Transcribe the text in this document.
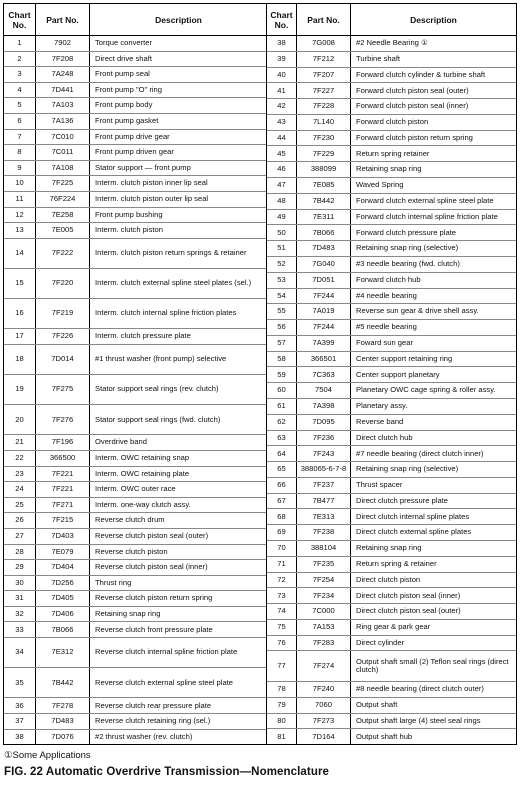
Chart No.	Part No.	Description
1	7902	Torque converter
2	7F208	Direct drive shaft
3	7A248	Front pump seal
4	7D441	Front pump "O" ring
5	7A103	Front pump body
6	7A136	Front pump gasket
7	7C010	Front pump drive gear
8	7C011	Front pump driven gear
9	7A108	Stator support — front pump
10	7F225	Interm. clutch piston inner lip seal
11	76F224	Interm. clutch piston outer lip seal
12	7E258	Front pump bushing
13	7E005	Interm. clutch piston
14	7F222	Interm. clutch piston return springs & retainer
15	7F220	Interm. clutch external spline steel plates (sel.)
16	7F219	Interm. clutch internal spline friction plates
17	7F226	Interm. clutch pressure plate
18	7D014	#1 thrust washer (front pump) selective
19	7F275	Stator support seal rings (rev. clutch)
20	7F276	Stator support seal rings (fwd. clutch)
21	7F196	Overdrive band
22	366500	Interm. OWC retaining snap
23	7F221	Interm. OWC retaining plate
24	7F221	Interm. OWC outer race
25	7F271	Interm. one-way clutch assy.
26	7F215	Reverse clutch drum
27	7D403	Reverse clutch piston seal (outer)
28	7E079	Reverse clutch piston
29	7D404	Reverse clutch piston seal (inner)
30	7D256	Thrust ring
31	7D405	Reverse clutch piston return spring
32	7D406	Retaining snap ring
33	7B066	Reverse clutch front pressure plate
34	7E312	Reverse clutch internal spline friction plate
35	7B442	Reverse clutch external spline steel plate
36	7F278	Reverse clutch rear pressure plate
37	7D483	Reverse clutch retaining ring (sel.)
38	7D076	#2 thrust washer (rev. clutch)
Chart No.	Part No.	Description
38	7G008	#2 Needle Bearing ①
39	7F212	Turbine shaft
40	7F207	Forward clutch cylinder & turbine shaft
41	7F227	Forward clutch piston seal (outer)
42	7F228	Forward clutch piston seal (inner)
43	7L140	Forward clutch piston
44	7F230	Forward clutch piston return spring
45	7F229	Return spring retainer
46	388099	Retaining snap ring
47	7E085	Waved Spring
48	7B442	Forward clutch external spline steel plate
49	7E311	Forward clutch internal spline friction plate
50	7B066	Forward clutch pressure plate
51	7D483	Retaining snap ring (selective)
52	7G040	#3 needle bearing (fwd. clutch)
53	7D051	Forward clutch hub
54	7F244	#4 needle bearing
55	7A019	Reverse sun gear & drive shell assy.
56	7F244	#5 needle bearing
57	7A399	Foward sun gear
58	366501	Center support retaining ring
59	7C363	Center support planetary
60	7504	Planetary OWC cage spring & roller assy.
61	7A398	Planetary assy.
62	7D095	Reverse band
63	7F236	Direct clutch hub
64	7F243	#7 needle bearing (direct clutch inner)
65	388065-6-7-8	Retaining snap ring (selective)
66	7F237	Thrust spacer
67	7B477	Direct clutch pressure plate
68	7E313	Direct clutch internal spline plates
69	7F238	Direct clutch external spline plates
70	388104	Retaining snap ring
71	7F235	Return spring & retainer
72	7F254	Direct clutch piston
73	7F234	Direct clutch piston seal (inner)
74	7C000	Direct clutch piston seal (outer)
75	7A153	Ring gear & park gear
76	7F283	Direct cylinder
77	7F274	Output shaft small (2) Teflon seal rings (direct clutch)
78	7F240	#8 needle bearing (direct clutch outer)
79	7060	Output shaft
80	7F273	Output shaft large (4) steel seal rings
81	7D164	Output shaft hub
①Some Applications
FIG. 22 Automatic Overdrive Transmission—Nomenclature
